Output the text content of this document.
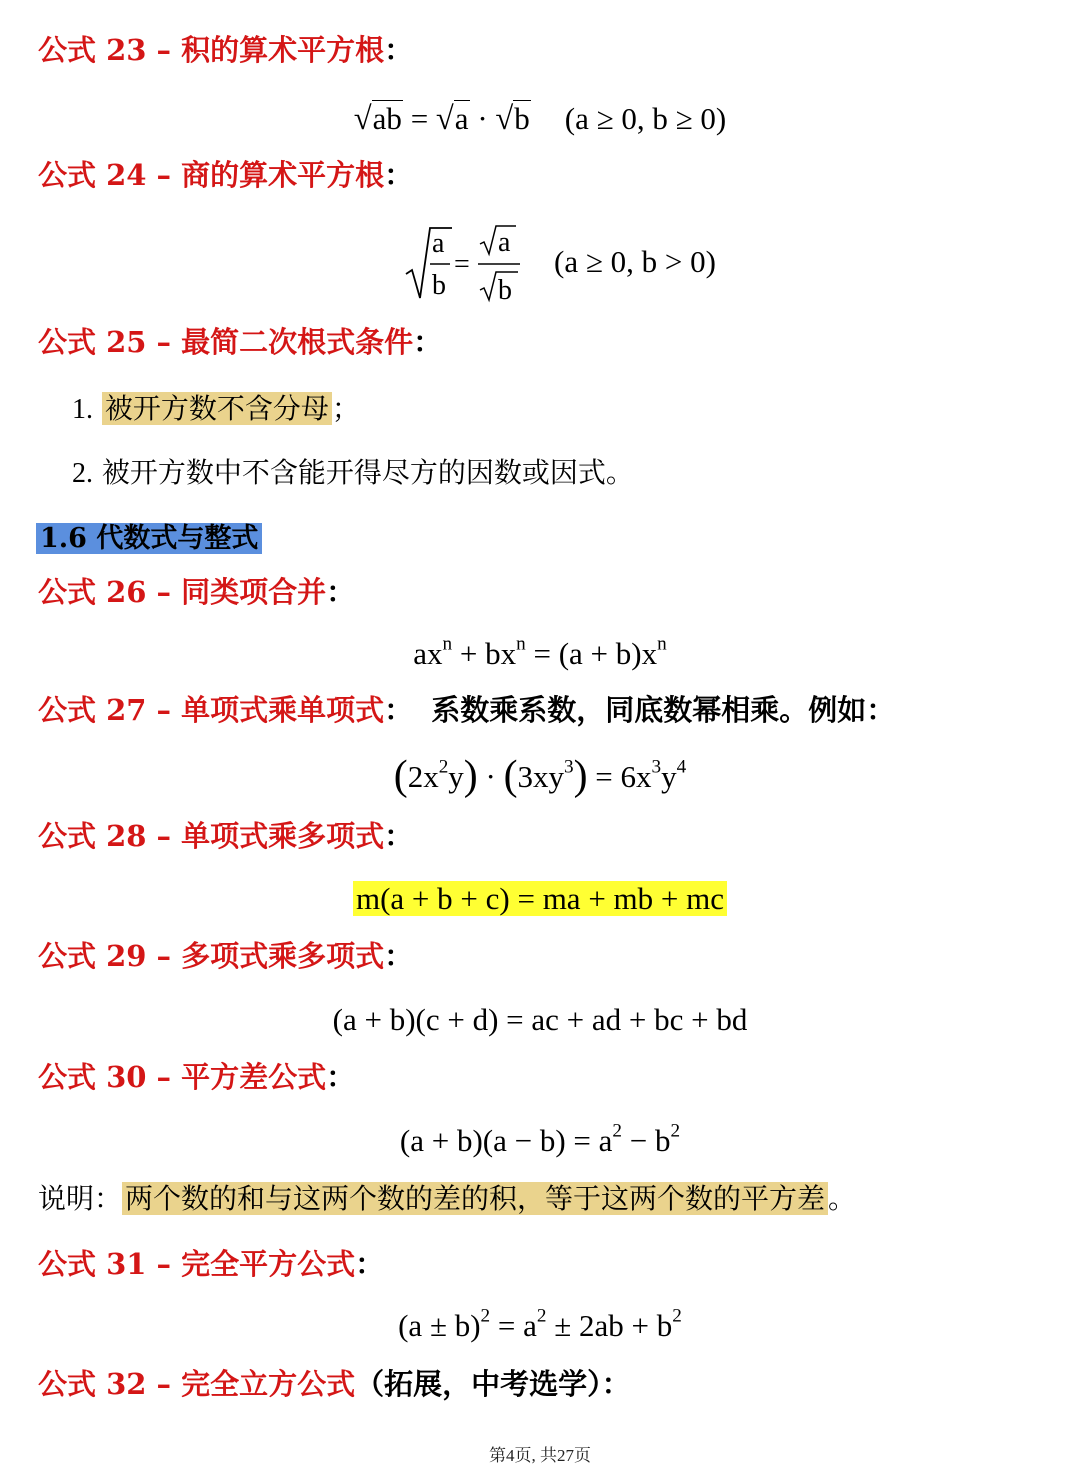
公式 23 – 积的算术平方根：
√ab = √a · √b (a ≥ 0, b ≥ 0)
公式 24 – 商的算术平方根：
a
b
=
a
b
(a ≥ 0, b > 0)
公式 25 – 最简二次根式条件：
1. 被开方数不含分母 ；
2. 被开方数中不含能开得尽方的因数或因式。
1.6 代数式与整式
公式 26 – 同类项合并：
$ax^n + bx^n = (a + b)x^n$
公式 27 – 单项式乘单项式： 系数乘系数，同底数幂相乘。例如：
$(2x^2y) \cdot (3xy^3) = 6x^3y^4$
公式 28 – 单项式乘多项式：
m(a + b + c) = ma + mb + mc
公式 29 – 多项式乘多项式：
(a + b)(c + d) = ac + ad + bc + bd
公式 30 – 平方差公式：
$(a + b)(a - b) = a^2 - b^2$
说明： 两个数的和与这两个数的差的积，等于这两个数的平方差 。
公式 31 – 完全平方公式：
$(a \pm b)^2 = a^2 \pm 2ab + b^2$
公式 32 – 完全立方公式（拓展，中考选学）：
第4页, 共27页
